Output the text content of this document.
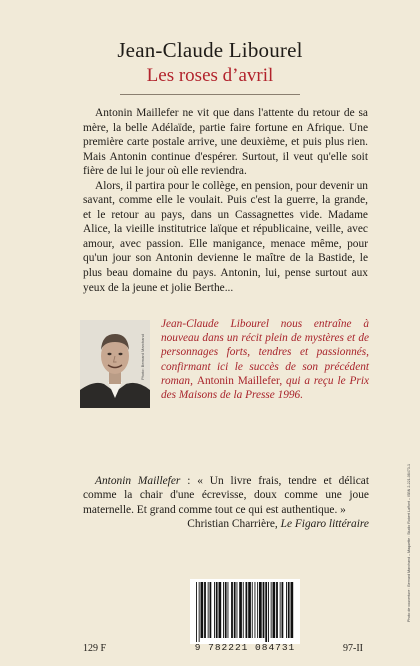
Jean-Claude Libourel
Les roses d’avril

Antonin Maillefer ne vit que dans l'attente du retour de sa mère, la belle Adélaïde, partie faire fortune en Afrique. Une première carte postale arrive, une deuxième, et puis plus rien. Mais Antonin continue d'espérer. Surtout, il veut qu'elle soit fière de lui le jour où elle reviendra.

Alors, il partira pour le collège, en pension, pour devenir un savant, comme elle le voulait. Puis c'est la guerre, la grande, et le retour au pays, dans un Cassagnettes vide. Madame Alice, la vieille institutrice laïque et républicaine, veille, avec amour, avec passion. Elle manigance, menace même, pour qu'un jour son Antonin devienne le maître de la Bastide, le plus beau domaine du pays. Antonin, lui, pense surtout aux yeux de la jeune et jolie Berthe...

Photo: Bernard Marchand
Jean-Claude Libourel nous entraîne à nouveau dans un récit plein de mystères et de personnages forts, tendres et passionnés, confirmant ici le succès de son précédent roman, Antonin Maillefer, qui a reçu le Prix des Maisons de la Presse 1996.

Antonin Maillefer : « Un livre frais, tendre et délicat comme la chair d'une écrevisse, doux comme une joue maternelle. Et grand comme tout ce qui est authentique. »

Christian Charrière, Le Figaro littéraire	Photo de couverture : Bernard Marchand – Maquette : Studio Robert Laffont – ISBN 2-221-08473-1
9 782221 084731
129 F	97-II
